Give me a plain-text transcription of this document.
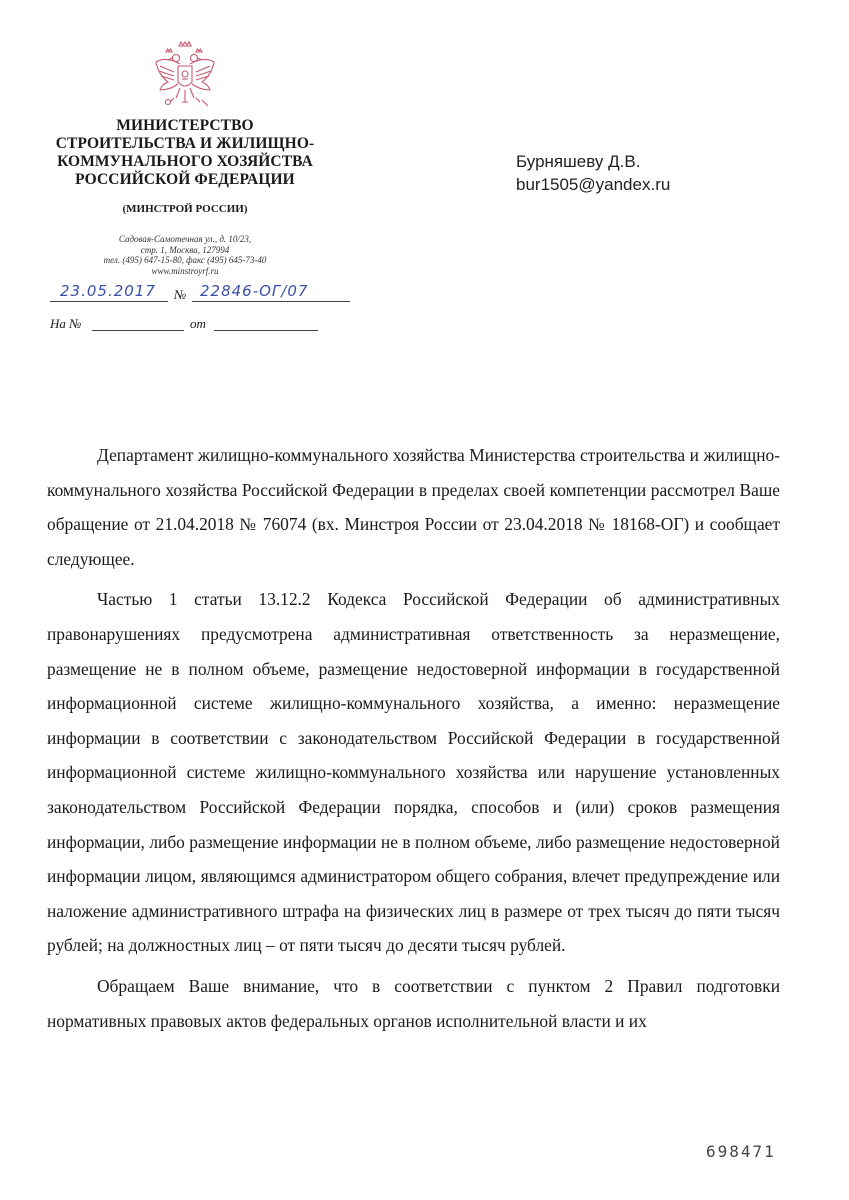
МИНИСТЕРСТВО
СТРОИТЕЛЬСТВА И ЖИЛИЩНО-
КОММУНАЛЬНОГО ХОЗЯЙСТВА
РОССИЙСКОЙ ФЕДЕРАЦИИ
(МИНСТРОЙ РОССИИ)
Садовая-Самотечная ул., д. 10/23,
стр. 1, Москва, 127994
тел. (495) 647-15-80, факс (495) 645-73-40
www.minstroyrf.ru
23.05.2017 № 22846-ОГ/07
На №	от
Бурняшеву Д.В.
bur1505@yandex.ru

Департамент жилищно-коммунального хозяйства Министерства строительства и жилищно-коммунального хозяйства Российской Федерации в пределах своей компетенции рассмотрел Ваше обращение от 21.04.2018 № 76074 (вх. Минстроя России от 23.04.2018 № 18168-ОГ) и сообщает следующее.

Частью 1 статьи 13.12.2 Кодекса Российской Федерации об административных правонарушениях предусмотрена административная ответственность за неразмещение, размещение не в полном объеме, размещение недостоверной информации в государственной информационной системе жилищно-коммунального хозяйства, а именно: неразмещение информации в соответствии с законодательством Российской Федерации в государственной информационной системе жилищно-коммунального хозяйства или нарушение установленных законодательством Российской Федерации порядка, способов и (или) сроков размещения информации, либо размещение информации не в полном объеме, либо размещение недостоверной информации лицом, являющимся администратором общего собрания, влечет предупреждение или наложение административного штрафа на физических лиц в размере от трех тысяч до пяти тысяч рублей; на должностных лиц – от пяти тысяч до десяти тысяч рублей.

Обращаем Ваше внимание, что в соответствии с пунктом 2 Правил подготовки нормативных правовых актов федеральных органов исполнительной власти и их

698471
